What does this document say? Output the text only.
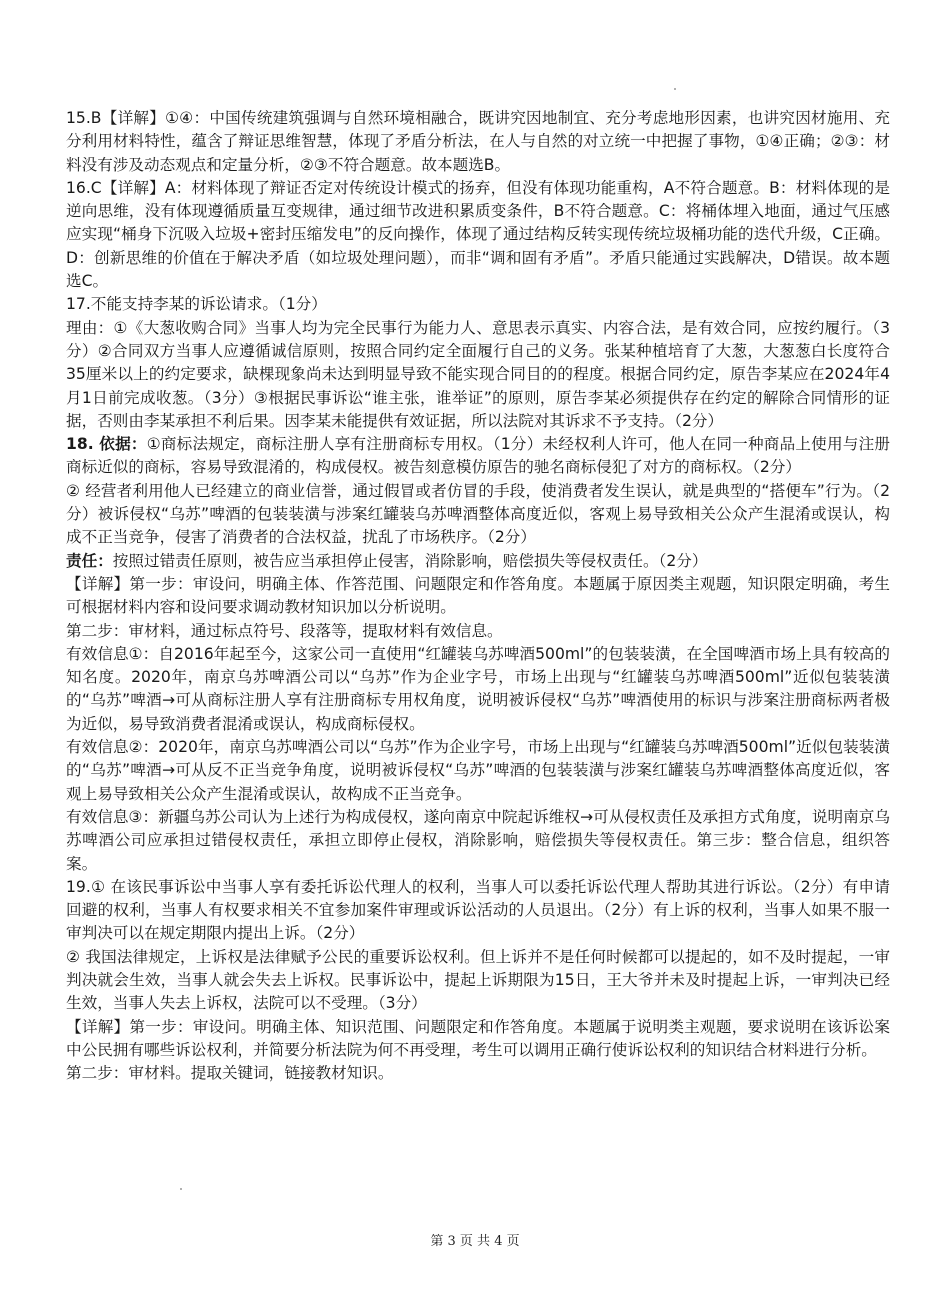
15.B【详解】①④：中国传统建筑强调与自然环境相融合，既讲究因地制宜、充分考虑地形因素，也讲究因材施用、充分利用材料特性，蕴含了辩证思维智慧，体现了矛盾分析法，在人与自然的对立统一中把握了事物，①④正确；②③：材料没有涉及动态观点和定量分析，②③不符合题意。故本题选B。

16.C【详解】A：材料体现了辩证否定对传统设计模式的扬弃，但没有体现功能重构，A不符合题意。B：材料体现的是逆向思维，没有体现遵循质量互变规律，通过细节改进积累质变条件，B不符合题意。C：将桶体埋入地面，通过气压感应实现“桶身下沉吸入垃圾+密封压缩发电”的反向操作，体现了通过结构反转实现传统垃圾桶功能的迭代升级，C正确。D：创新思维的价值在于解决矛盾（如垃圾处理问题），而非“调和固有矛盾”。矛盾只能通过实践解决，D错误。故本题选C。

17.不能支持李某的诉讼请求。（1分）

理由：①《大葱收购合同》当事人均为完全民事行为能力人、意思表示真实、内容合法，是有效合同，应按约履行。（3分）②合同双方当事人应遵循诚信原则，按照合同约定全面履行自己的义务。张某种植培育了大葱，大葱葱白长度符合35厘米以上的约定要求，缺棵现象尚未达到明显导致不能实现合同目的的程度。根据合同约定，原告李某应在2024年4月1日前完成收葱。（3分）③根据民事诉讼“谁主张，谁举证”的原则，原告李某必须提供存在约定的解除合同情形的证据，否则由李某承担不利后果。因李某未能提供有效证据，所以法院对其诉求不予支持。（2分）

18. 依据：①商标法规定，商标注册人享有注册商标专用权。（1分）未经权利人许可，他人在同一种商品上使用与注册商标近似的商标，容易导致混淆的，构成侵权。被告刻意模仿原告的驰名商标侵犯了对方的商标权。（2分）

② 经营者利用他人已经建立的商业信誉，通过假冒或者仿冒的手段，使消费者发生误认，就是典型的“搭便车”行为。（2分）被诉侵权“乌苏”啤酒的包装装潢与涉案红罐装乌苏啤酒整体高度近似，客观上易导致相关公众产生混淆或误认，构成不正当竞争，侵害了消费者的合法权益，扰乱了市场秩序。（2分）

责任：按照过错责任原则，被告应当承担停止侵害，消除影响，赔偿损失等侵权责任。（2分）

【详解】第一步：审设问，明确主体、作答范围、问题限定和作答角度。本题属于原因类主观题，知识限定明确，考生可根据材料内容和设问要求调动教材知识加以分析说明。

第二步：审材料，通过标点符号、段落等，提取材料有效信息。

有效信息①：自2016年起至今，这家公司一直使用“红罐装乌苏啤酒500ml”的包装装潢，在全国啤酒市场上具有较高的知名度。2020年，南京乌苏啤酒公司以“乌苏”作为企业字号，市场上出现与“红罐装乌苏啤酒500ml”近似包装装潢的“乌苏”啤酒→可从商标注册人享有注册商标专用权角度，说明被诉侵权“乌苏”啤酒使用的标识与涉案注册商标两者极为近似，易导致消费者混淆或误认，构成商标侵权。

有效信息②：2020年，南京乌苏啤酒公司以“乌苏”作为企业字号，市场上出现与“红罐装乌苏啤酒500ml”近似包装装潢的“乌苏”啤酒→可从反不正当竞争角度，说明被诉侵权“乌苏”啤酒的包装装潢与涉案红罐装乌苏啤酒整体高度近似，客观上易导致相关公众产生混淆或误认，故构成不正当竞争。

有效信息③：新疆乌苏公司认为上述行为构成侵权，遂向南京中院起诉维权→可从侵权责任及承担方式角度，说明南京乌苏啤酒公司应承担过错侵权责任，承担立即停止侵权，消除影响，赔偿损失等侵权责任。第三步：整合信息，组织答案。

19.① 在该民事诉讼中当事人享有委托诉讼代理人的权利，当事人可以委托诉讼代理人帮助其进行诉讼。（2分）有申请回避的权利，当事人有权要求相关不宜参加案件审理或诉讼活动的人员退出。（2分）有上诉的权利，当事人如果不服一审判决可以在规定期限内提出上诉。（2分）

② 我国法律规定，上诉权是法律赋予公民的重要诉讼权利。但上诉并不是任何时候都可以提起的，如不及时提起，一审判决就会生效，当事人就会失去上诉权。民事诉讼中，提起上诉期限为15日，王大爷并未及时提起上诉，一审判决已经生效，当事人失去上诉权，法院可以不受理。（3分）

【详解】第一步：审设问。明确主体、知识范围、问题限定和作答角度。本题属于说明类主观题，要求说明在该诉讼案中公民拥有哪些诉讼权利，并简要分析法院为何不再受理，考生可以调用正确行使诉讼权利的知识结合材料进行分析。

第二步：审材料。提取关键词，链接教材知识。

第 3 页 共 4 页
